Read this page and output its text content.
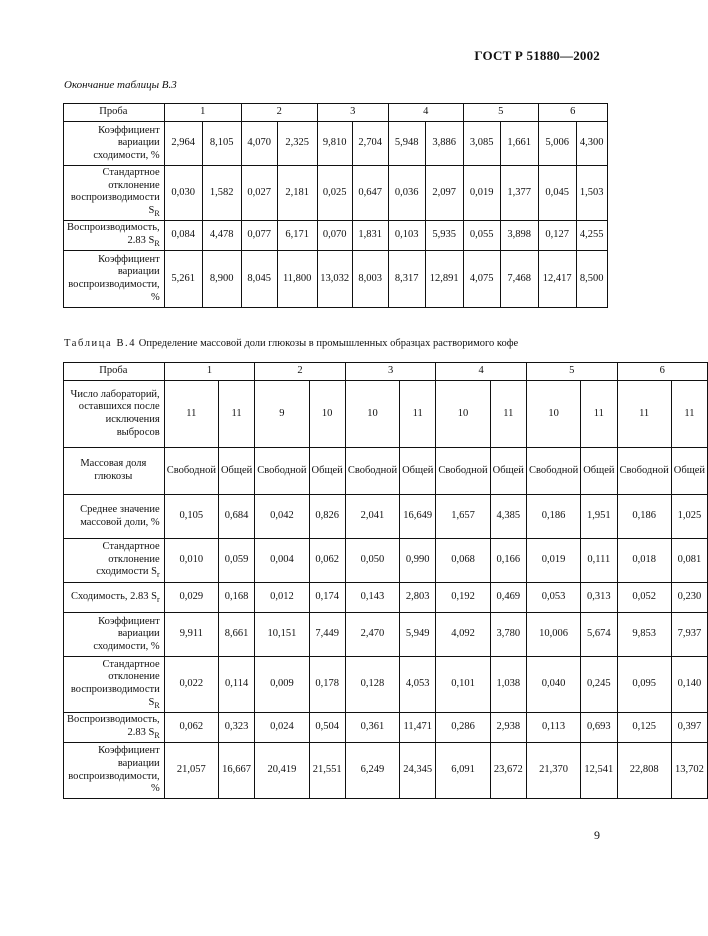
ГОСТ Р 51880—2002
Окончание таблицы В.3
Проба	1		2		3		4		5		6	
Коэффициент вариации сходимости, %	2,964	8,105	4,070	2,325	9,810	2,704	5,948	3,886	3,085	1,661	5,006	4,300
Стандартное отклонение воспроизводимости $S_R$	0,030	1,582	0,027	2,181	0,025	0,647	0,036	2,097	0,019	1,377	0,045	1,503
Воспроизводимость, 2.83 $S_R$	0,084	4,478	0,077	6,171	0,070	1,831	0,103	5,935	0,055	3,898	0,127	4,255
Коэффициент вариации воспроизводимости, %	5,261	8,900	8,045	11,800	13,032	8,003	8,317	12,891	4,075	7,468	12,417	8,500
Таблица В.4 Определение массовой доли глюкозы в промышленных образцах растворимого кофе
Проба	1		2		3		4		5		6	
Число лабораторий, оставшихся после исключения выбросов	11	11	9	10	10	11	10	11	10	11	11	11
Массовая доля глюкозы	Свободной	Общей	Свободной	Общей	Свободной	Общей	Свободной	Общей	Свободной	Общей	Свободной	Общей
Среднее значение массовой доли, %	0,105	0,684	0,042	0,826	2,041	16,649	1,657	4,385	0,186	1,951	0,186	1,025
Стандартное отклонение сходимости $S_r$	0,010	0,059	0,004	0,062	0,050	0,990	0,068	0,166	0,019	0,111	0,018	0,081
Сходимость, 2.83 $S_r$	0,029	0,168	0,012	0,174	0,143	2,803	0,192	0,469	0,053	0,313	0,052	0,230
Коэффициент вариации сходимости, %	9,911	8,661	10,151	7,449	2,470	5,949	4,092	3,780	10,006	5,674	9,853	7,937
Стандартное отклонение воспроизводимости $S_R$	0,022	0,114	0,009	0,178	0,128	4,053	0,101	1,038	0,040	0,245	0,095	0,140
Воспроизводимость, 2.83 $S_R$	0,062	0,323	0,024	0,504	0,361	11,471	0,286	2,938	0,113	0,693	0,125	0,397
Коэффициент вариации воспроизводимости, %	21,057	16,667	20,419	21,551	6,249	24,345	6,091	23,672	21,370	12,541	22,808	13,702
9
